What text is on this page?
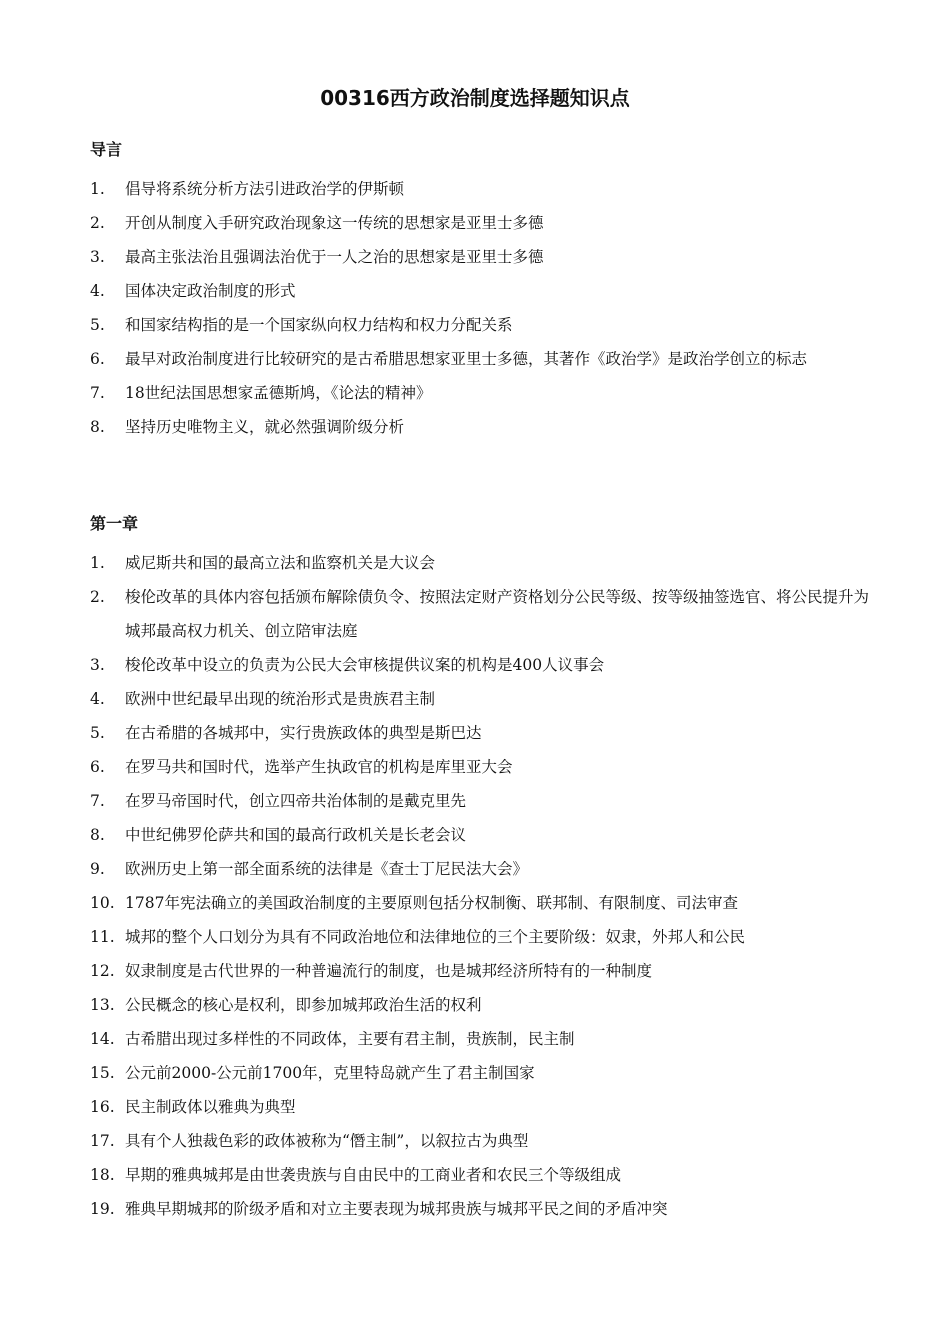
00316西方政治制度选择题知识点
导言
1.	倡导将系统分析方法引进政治学的伊斯顿
2.	开创从制度入手研究政治现象这一传统的思想家是亚里士多德
3.	最高主张法治且强调法治优于一人之治的思想家是亚里士多德
4.	国体决定政治制度的形式
5.	和国家结构指的是一个国家纵向权力结构和权力分配关系
6.	最早对政治制度进行比较研究的是古希腊思想家亚里士多德，其著作《政治学》是政治学创立的标志
7.	18世纪法国思想家孟德斯鸠，《论法的精神》
8.	坚持历史唯物主义，就必然强调阶级分析
第一章
1.	威尼斯共和国的最高立法和监察机关是大议会
2.	梭伦改革的具体内容包括颁布解除债负令、按照法定财产资格划分公民等级、按等级抽签选官、将公民提升为城邦最高权力机关、创立陪审法庭
3.	梭伦改革中设立的负责为公民大会审核提供议案的机构是400人议事会
4.	欧洲中世纪最早出现的统治形式是贵族君主制
5.	在古希腊的各城邦中，实行贵族政体的典型是斯巴达
6.	在罗马共和国时代，选举产生执政官的机构是库里亚大会
7.	在罗马帝国时代，创立四帝共治体制的是戴克里先
8.	中世纪佛罗伦萨共和国的最高行政机关是长老会议
9.	欧洲历史上第一部全面系统的法律是《查士丁尼民法大会》
10. 1787年宪法确立的美国政治制度的主要原则包括分权制衡、联邦制、有限制度、司法审查
11. 城邦的整个人口划分为具有不同政治地位和法律地位的三个主要阶级：奴隶，外邦人和公民
12. 奴隶制度是古代世界的一种普遍流行的制度，也是城邦经济所特有的一种制度
13. 公民概念的核心是权利，即参加城邦政治生活的权利
14. 古希腊出现过多样性的不同政体，主要有君主制，贵族制，民主制
15. 公元前2000-公元前1700年，克里特岛就产生了君主制国家
16. 民主制政体以雅典为典型
17. 具有个人独裁色彩的政体被称为“僭主制”，以叙拉古为典型
18. 早期的雅典城邦是由世袭贵族与自由民中的工商业者和农民三个等级组成
19. 雅典早期城邦的阶级矛盾和对立主要表现为城邦贵族与城邦平民之间的矛盾冲突
